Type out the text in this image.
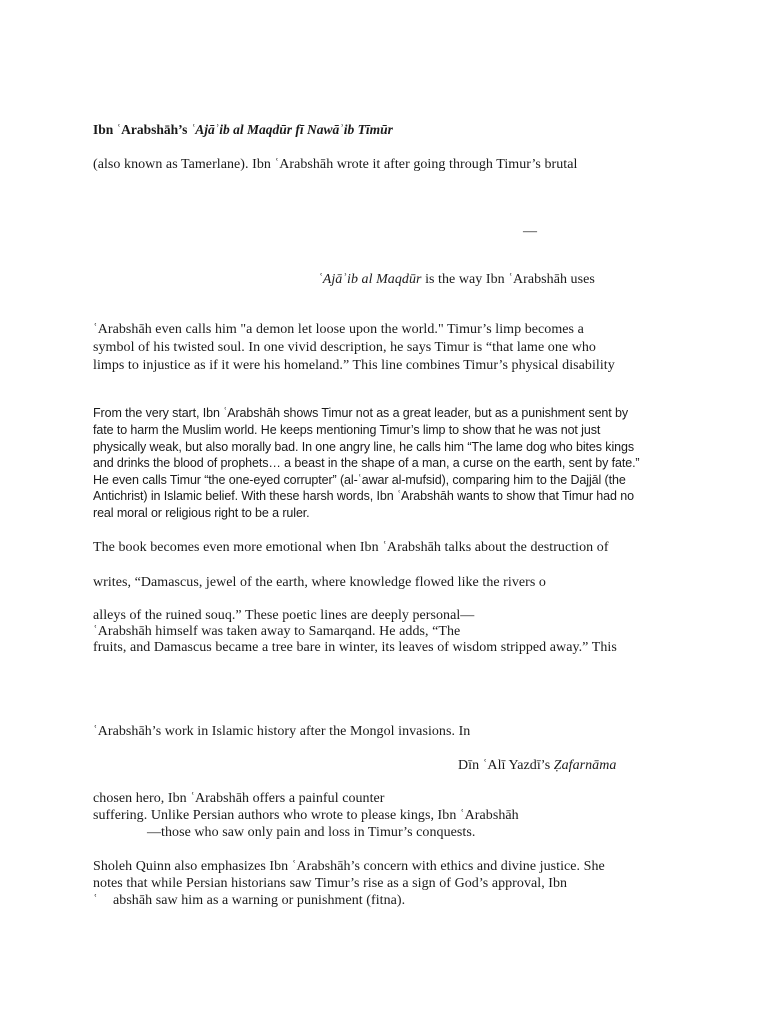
Ibn ʿArabshāh’s ʿAjāʾib al Maqdūr fī Nawāʾib Tīmūr
(also known as Tamerlane). Ibn ʿArabshāh wrote it after going through Timur’s brutal
—
ʿAjāʾib al Maqdūr is the way Ibn ʿArabshāh uses
ʿArabshāh even calls him "a demon let loose upon the world." Timur’s limp becomes a
symbol of his twisted soul. In one vivid description, he says Timur is “that lame one who
limps to injustice as if it were his homeland.” This line combines Timur’s physical disability
From the very start, Ibn ʿArabshāh shows Timur not as a great leader, but as a punishment sent by
fate to harm the Muslim world. He keeps mentioning Timur’s limp to show that he was not just
physically weak, but also morally bad. In one angry line, he calls him “The lame dog who bites kings
and drinks the blood of prophets… a beast in the shape of a man, a curse on the earth, sent by fate.”
He even calls Timur “the one-eyed corrupter” (al-ʿawar al-mufsid), comparing him to the Dajjāl (the
Antichrist) in Islamic belief. With these harsh words, Ibn ʿArabshāh wants to show that Timur had no
real moral or religious right to be a ruler.
The book becomes even more emotional when Ibn ʿArabshāh talks about the destruction of
writes, “Damascus, jewel of the earth, where knowledge flowed like the rivers o
alleys of the ruined souq.” These poetic lines are deeply personal—
ʿArabshāh himself was taken away to Samarqand. He adds, “The
fruits, and Damascus became a tree bare in winter, its leaves of wisdom stripped away.” This
ʿArabshāh’s work in Islamic history after the Mongol invasions. In
Dīn ʿAlī Yazdī’s Ẓafarnāma
chosen hero, Ibn ʿArabshāh offers a painful counter
suffering. Unlike Persian authors who wrote to please kings, Ibn ʿArabshāh
—those who saw only pain and loss in Timur’s conquests.
Sholeh Quinn also emphasizes Ibn ʿArabshāh’s concern with ethics and divine justice. She
notes that while Persian historians saw Timur’s rise as a sign of God’s approval, Ibn
ʿ abshāh saw him as a warning or punishment (fitna).
